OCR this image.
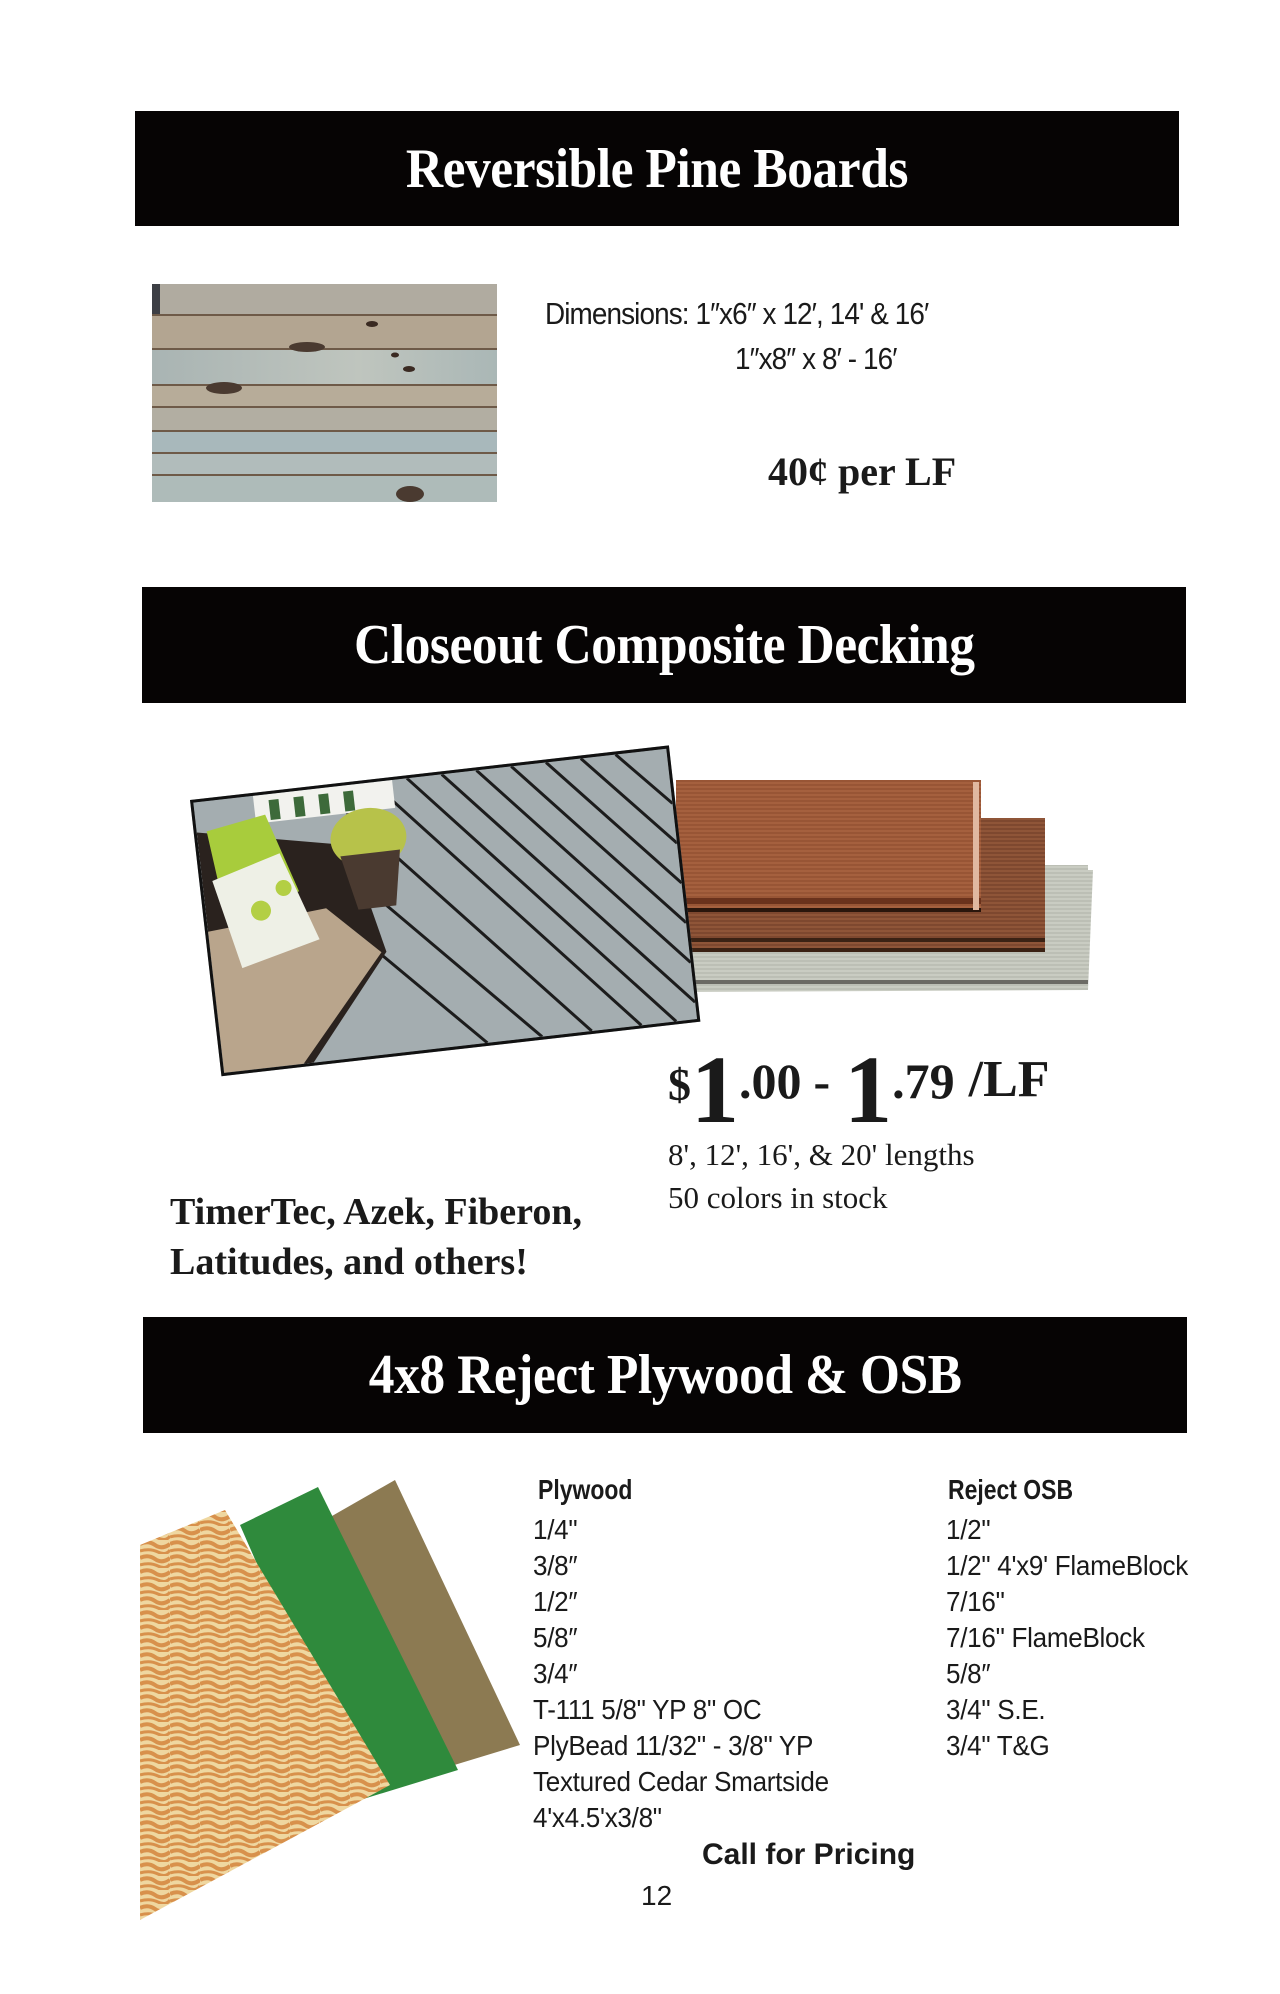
Reversible Pine Boards
Dimensions: 1″x6″ x 12′, 14' & 16′
1″x8″ x 8′ - 16′
40¢ per LF
Closeout Composite Decking
$ 1 .00 - 1 .79 /LF
8', 12', 16', & 20' lengths
50 colors in stock
TimerTec, Azek, Fiberon,
Latitudes, and others!
4x8 Reject Plywood & OSB
Plywood
1/4"
3/8″
1/2″
5/8″
3/4″
T-111 5/8" YP 8" OC
PlyBead 11/32" - 3/8" YP
Textured Cedar Smartside
4'x4.5'x3/8"
Reject OSB
1/2"
1/2" 4'x9' FlameBlock
7/16"
7/16" FlameBlock
5/8″
3/4" S.E.
3/4" T&G
Call for Pricing
12
